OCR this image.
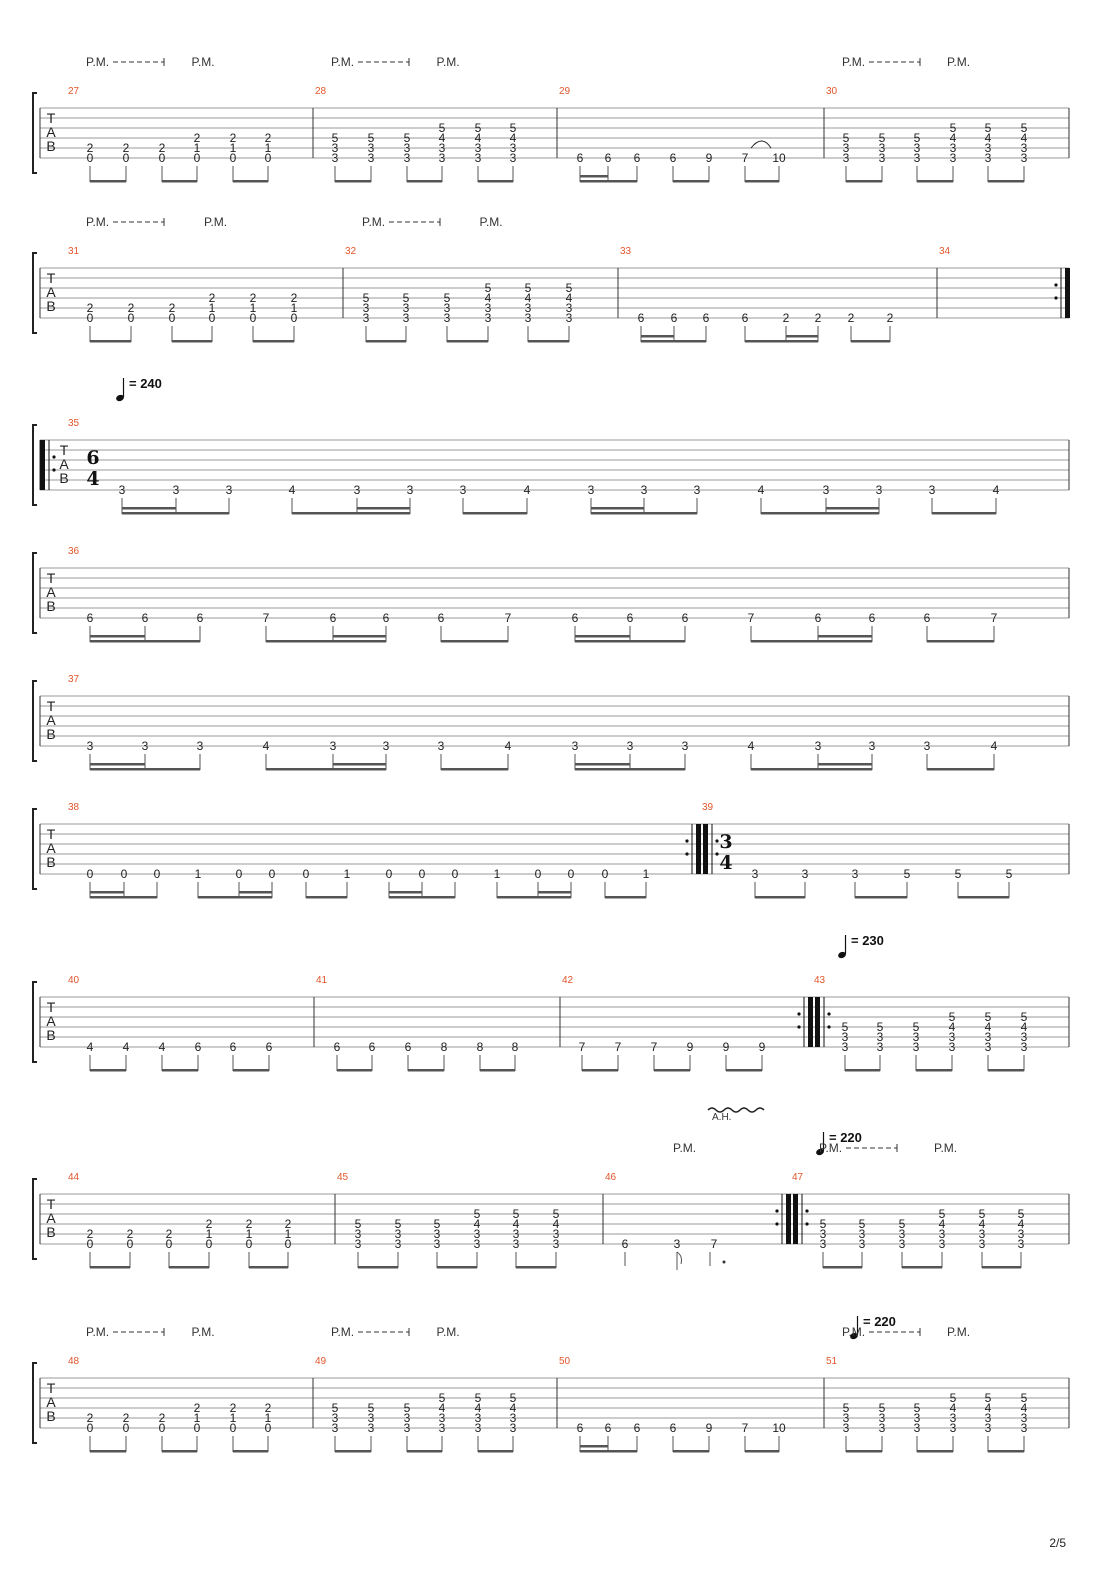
T
A
B
27
P.M.	P.M.
2
0
2
0
2
0
2
1
0
2
1
0
2
1
0
28
P.M.	P.M.
5
3
3
5
3
3
5
3
3
5
4
3
3
5
4
3
3
5
4
3
3
29
6 6 6 6 9 7 10
30
P.M.	P.M.
5
3
3
5
3
3
5
3
3
5
4
3
3
5
4
3
3
5
4
3
3
T
A
B
31
P.M.	P.M.
2
0
2
0
2
0
2
1
0
2
1
0
2
1
0
32
P.M.	P.M.
5
3
3
5
3
3
5
3
3
5
4
3
3
5
4
3
3
5
4
3
3
33
6 6 6	6	2 2 2	2
34
T
A
B
35
6
4
= 240
3	3	3	4	3	3	3	4	3	3	3	4	3	3	3	4
T
A
B
36
6	6	6	7	6	6	6	7	6	6	6	7	6	6	6	7
T
A
B
37
3	3	3	4	3	3	3	4	3	3	3	4	3	3	3	4
T
A
B
38
0 0 0	1	0 0 0	1	0 0 0	1	0 0 0	1
39
3
4 3	3	3	5	5	5
T
A
B
40
4 4 4 6 6 6
41
6 6 6 8 8 8
42
7 7 7 9 9 9
43
= 230
5
3
3
5
3
3
5
3
3
5
4
3
3
5
4
3
3
5
4
3
3
T
A
B
44
2
0
2
0
2
0
2
1
0
2
1
0
2
1
0
45
5
3
3
5
3
3
5
3
3
5
4
3
3
5
4
3
3
5
4
3
3
46
P.M.
A.H.
6	3	7
47
= 220
P.M.	P.M.
5
3
3
5
3
3
5
3
3
5
4
3
3
5
4
3
3
5
4
3
3
T
A
B
48
P.M.	P.M.
2
0
2
0
2
0
2
1
0
2
1
0
2
1
0
49
P.M.	P.M.
5
3
3
5
3
3
5
3
3
5
4
3
3
5
4
3
3
5
4
3
3
50
6 6 6 6 9 7 10
51
= 220
P.M.	P.M.
5
3
3
5
3
3
5
3
3
5
4
3
3
5
4
3
3
5
4
3
3
2/5
